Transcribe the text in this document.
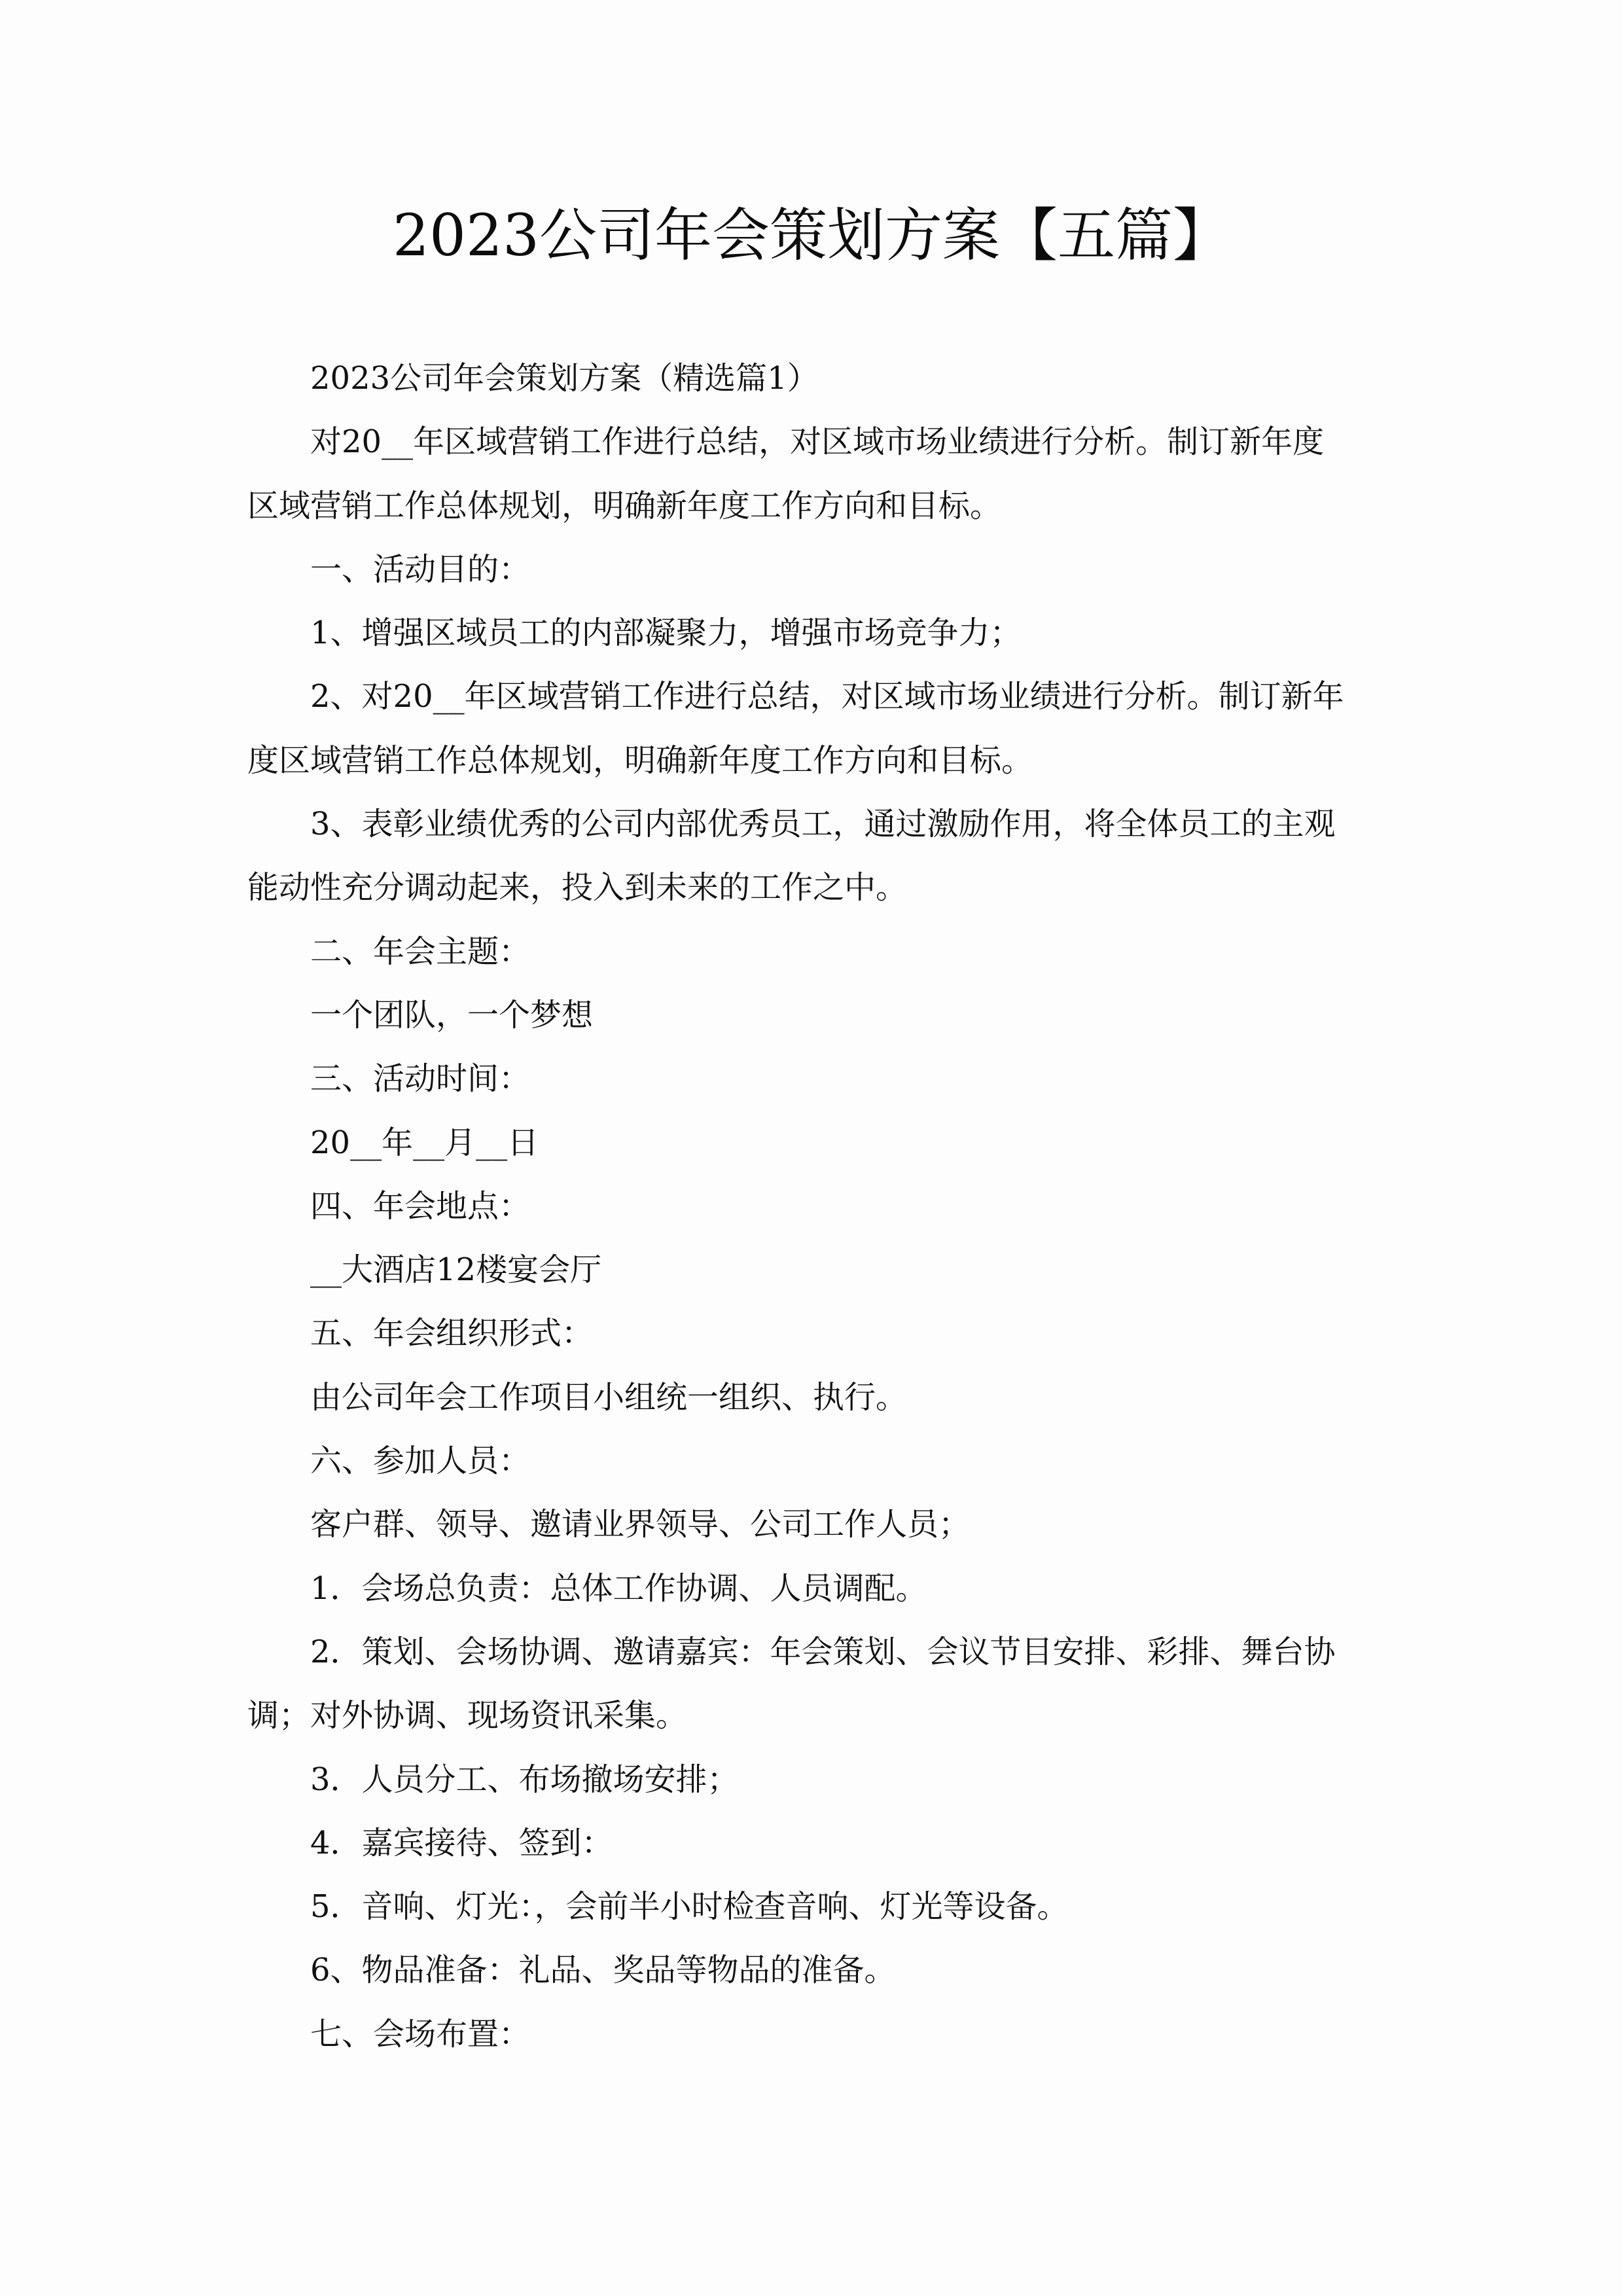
2023公司年会策划方案【五篇】
2023公司年会策划方案（精选篇1）
对20__年区域营销工作进行总结，对区域市场业绩进行分析。制订新年度
区域营销工作总体规划，明确新年度工作方向和目标。
一、活动目的：
1、增强区域员工的内部凝聚力，增强市场竞争力；
2、对20__年区域营销工作进行总结，对区域市场业绩进行分析。制订新年
度区域营销工作总体规划，明确新年度工作方向和目标。
3、表彰业绩优秀的公司内部优秀员工，通过激励作用，将全体员工的主观
能动性充分调动起来，投入到未来的工作之中。
二、年会主题：
一个团队，一个梦想
三、活动时间：
20__年__月__日
四、年会地点：
__大酒店12楼宴会厅
五、年会组织形式：
由公司年会工作项目小组统一组织、执行。
六、参加人员：
客户群、领导、邀请业界领导、公司工作人员；
1．会场总负责：总体工作协调、人员调配。
2．策划、会场协调、邀请嘉宾：年会策划、会议节目安排、彩排、舞台协
调；对外协调、现场资讯采集。
3．人员分工、布场撤场安排；
4．嘉宾接待、签到：
5．音响、灯光：，会前半小时检查音响、灯光等设备。
6、物品准备：礼品、奖品等物品的准备。
七、会场布置：
